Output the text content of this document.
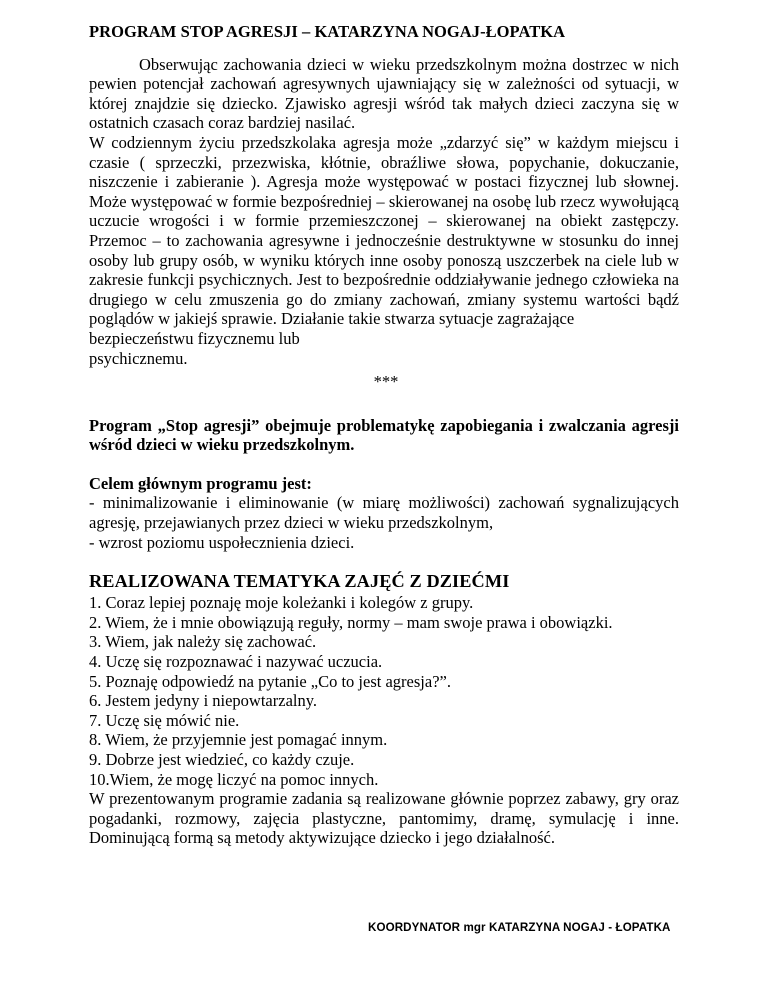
PROGRAM STOP AGRESJI – KATARZYNA NOGAJ-ŁOPATKA

Obserwując zachowania dzieci w wieku przedszkolnym można dostrzec w nich pewien potencjał zachowań agresywnych ujawniający się w zależności od sytuacji, w której znajdzie się dziecko. Zjawisko agresji wśród tak małych dzieci zaczyna się w ostatnich czasach coraz bardziej nasilać.

W codziennym życiu przedszkolaka agresja może „zdarzyć się” w każdym miejscu i czasie ( sprzeczki, przezwiska, kłótnie, obraźliwe słowa, popychanie, dokuczanie, niszczenie i zabieranie ). Agresja może występować w postaci fizycznej lub słownej. Może występować w formie bezpośredniej – skierowanej na osobę lub rzecz wywołującą uczucie wrogości i w formie przemieszczonej – skierowanej na obiekt zastępczy. Przemoc – to zachowania agresywne i jednocześnie destruktywne w stosunku do innej osoby lub grupy osób, w wyniku których inne osoby ponoszą uszczerbek na ciele lub w zakresie funkcji psychicznych. Jest to bezpośrednie oddziaływanie jednego człowieka na drugiego w celu zmuszenia go do zmiany zachowań, zmiany systemu wartości bądź poglądów w jakiejś sprawie. Działanie takie stwarza sytuacje zagrażające

bezpieczeństwu fizycznemu lub

psychicznemu.

***

Program „Stop agresji” obejmuje problematykę zapobiegania i zwalczania agresji wśród dzieci w wieku przedszkolnym.

Celem głównym programu jest:

- minimalizowanie i eliminowanie (w miarę możliwości) zachowań sygnalizujących agresję, przejawianych przez dzieci w wieku przedszkolnym,

- wzrost poziomu uspołecznienia dzieci.

REALIZOWANA TEMATYKA ZAJĘĆ Z DZIEĆMI
1. Coraz lepiej poznaję moje koleżanki i kolegów z grupy.
2. Wiem, że i mnie obowiązują reguły, normy – mam swoje prawa i obowiązki.
3. Wiem, jak należy się zachować.
4. Uczę się rozpoznawać i nazywać uczucia.
5. Poznaję odpowiedź na pytanie „Co to jest agresja?”.
6. Jestem jedyny i niepowtarzalny.
7. Uczę się mówić nie.
8. Wiem, że przyjemnie jest pomagać innym.
9. Dobrze jest wiedzieć, co każdy czuje.
10.Wiem, że mogę liczyć na pomoc innych.

W prezentowanym programie zadania są realizowane głównie poprzez zabawy, gry oraz pogadanki, rozmowy, zajęcia plastyczne, pantomimy, dramę, symulację i inne. Dominującą formą są metody aktywizujące dziecko i jego działalność.

KOORDYNATOR mgr KATARZYNA NOGAJ - ŁOPATKA
